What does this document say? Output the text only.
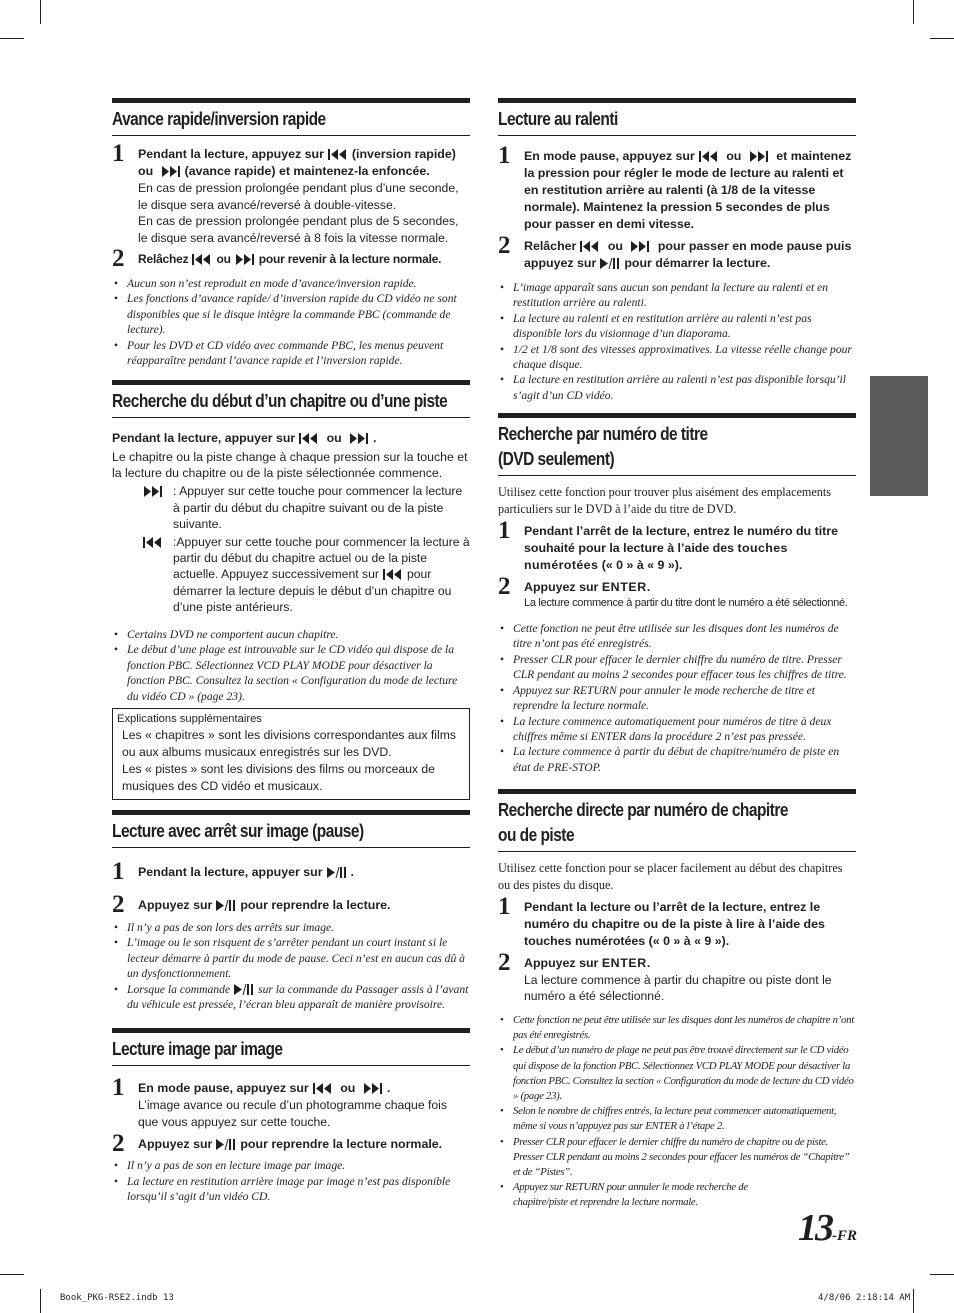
Avance rapide/inversion rapide
1 Pendant la lecture, appuyez sur (inversion rapide) ou	(avance rapide) et maintenez-la enfoncée.
En cas de pression prolongée pendant plus d’une seconde, le disque sera avancé/reversé à double-vitesse.
En cas de pression prolongée pendant plus de 5 secondes, le disque sera avancé/reversé à 8 fois la vitesse normale.
2 Relâchez ou pour revenir à la lecture normale.
• Aucun son n’est reproduit en mode d’avance/inversion rapide.
• Les fonctions d’avance rapide/ d’inversion rapide du CD vidéo ne sont disponibles que si le disque intègre la commande PBC (commande de lecture).
• Pour les DVD et CD vidéo avec commande PBC, les menus peuvent réapparaître pendant l’avance rapide et l’inversion rapide.
Recherche du début d’un chapitre ou d’une piste
Pendant la lecture, appuyer sur	ou	.
Le chapitre ou la piste change à chaque pression sur la touche et la lecture du chapitre ou de la piste sélectionnée commence.
: Appuyer sur cette touche pour commencer la lecture à partir du début du chapitre suivant ou de la piste suivante.
:Appuyer sur cette touche pour commencer la lecture à partir du début du chapitre actuel ou de la piste actuelle. Appuyez successivement sur pour démarrer la lecture depuis le début d’un chapitre ou d’une piste antérieurs.
• Certains DVD ne comportent aucun chapitre.
• Le début d’une plage est introuvable sur le CD vidéo qui dispose de la fonction PBC. Sélectionnez VCD PLAY MODE pour désactiver la fonction PBC. Consultez la section « Configuration du mode de lecture du vidéo CD » (page 23).
Explications supplémentaires
Les « chapitres » sont les divisions correspondantes aux films ou aux albums musicaux enregistrés sur les DVD.
Les « pistes » sont les divisions des films ou morceaux de musiques des CD vidéo et musicaux.
Lecture avec arrêt sur image (pause)
1 Pendant la lecture, appuyer sur .
2 Appuyez sur pour reprendre la lecture.
• Il n’y a pas de son lors des arrêts sur image.
• L’image ou le son risquent de s’arrêter pendant un court instant si le lecteur démarre à partir du mode de pause. Ceci n’est en aucun cas dû à un dysfonctionnement.
• Lorsque la commande sur la commande du Passager assis à l’avant du véhicule est pressée, l’écran bleu apparaît de manière provisoire.
Lecture image par image
1 En mode pause, appuyez sur	ou	.
L’image avance ou recule d’un photogramme chaque fois que vous appuyez sur cette touche.
2 Appuyez sur pour reprendre la lecture normale.
• Il n’y a pas de son en lecture image par image.
• La lecture en restitution arrière image par image n’est pas disponible lorsqu’il s’agit d’un vidéo CD.
Lecture au ralenti
1 En mode pause, appuyez sur	ou	et maintenez la pression pour régler le mode de lecture au ralenti et en restitution arrière au ralenti (à 1/8 de la vitesse normale). Maintenez la pression 5 secondes de plus pour passer en demi vitesse.
2 Relâcher	ou	pour passer en mode pause puis appuyez sur pour démarrer la lecture.
• L’image apparaît sans aucun son pendant la lecture au ralenti et en restitution arrière au ralenti.
• La lecture au ralenti et en restitution arrière au ralenti n’est pas disponible lors du visionnage d’un diaporama.
• 1/2 et 1/8 sont des vitesses approximatives. La vitesse réelle change pour chaque disque.
• La lecture en restitution arrière au ralenti n’est pas disponible lorsqu’il s’agit d’un CD vidéo.
Recherche par numéro de titre
(DVD seulement)
Utilisez cette fonction pour trouver plus aisément des emplacements particuliers sur le DVD à l’aide du titre de DVD.
1 Pendant l’arrêt de la lecture, entrez le numéro du titre souhaité pour la lecture à l’aide des touches numérotées (« 0 » à « 9 »).
2 Appuyez sur ENTER.
La lecture commence à partir du titre dont le numéro a été sélectionné.
• Cette fonction ne peut être utilisée sur les disques dont les numéros de titre n’ont pas été enregistrés.
• Presser CLR pour effacer le dernier chiffre du numéro de titre. Presser CLR pendant au moins 2 secondes pour effacer tous les chiffres de titre.
• Appuyez sur RETURN pour annuler le mode recherche de titre et reprendre la lecture normale.
• La lecture commence automatiquement pour numéros de titre à deux chiffres même si ENTER dans la procédure 2 n’est pas pressée.
• La lecture commence à partir du début de chapitre/numéro de piste en état de PRE-STOP.
Recherche directe par numéro de chapitre
ou de piste
Utilisez cette fonction pour se placer facilement au début des chapitres ou des pistes du disque.
1 Pendant la lecture ou l’arrêt de la lecture, entrez le numéro du chapitre ou de la piste à lire à l’aide des touches numérotées (« 0 » à « 9 »).
2 Appuyez sur ENTER.
La lecture commence à partir du chapitre ou piste dont le numéro a été sélectionné.
• Cette fonction ne peut être utilisée sur les disques dont les numéros de chapitre n’ont pas été enregistrés.
• Le début d’un numéro de plage ne peut pas être trouvé directement sur le CD vidéo qui dispose de la fonction PBC. Sélectionnez VCD PLAY MODE pour désactiver la fonction PBC. Consultez la section « Configuration du mode de lecture du CD vidéo » (page 23).
• Selon le nombre de chiffres entrés, la lecture peut commencer automatiquement, même si vous n’appuyez pas sur ENTER à l’étape 2.
• Presser CLR pour effacer le dernier chiffre du numéro de chapitre ou de piste. Presser CLR pendant au moins 2 secondes pour effacer les numéros de “Chapitre” et de “Pistes”.
• Appuyez sur RETURN pour annuler le mode recherche de chapitre/piste et reprendre la lecture normale.
13-FR
Book_PKG-RSE2.indb 13	4/8/06 2:18:14 AM
